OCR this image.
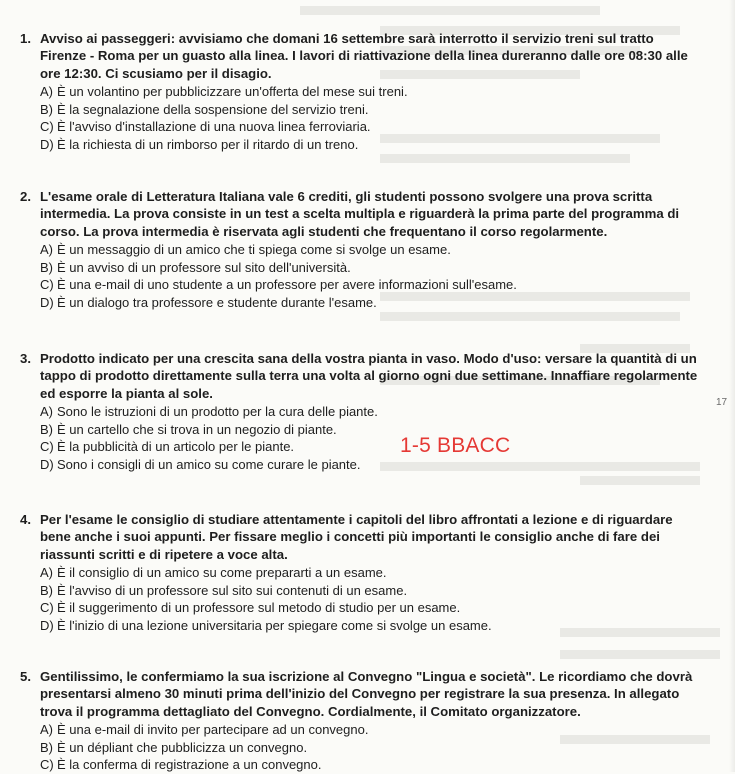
1. Avviso ai passeggeri: avvisiamo che domani 16 settembre sarà interrotto il servizio treni sul tratto Firenze - Roma per un guasto alla linea. I lavori di riattivazione della linea dureranno dalle ore 08:30 alle ore 12:30. Ci scusiamo per il disagio.
A) È un volantino per pubblicizzare un'offerta del mese sui treni.
B) È la segnalazione della sospensione del servizio treni.
C) È l'avviso d'installazione di una nuova linea ferroviaria.
D) È la richiesta di un rimborso per il ritardo di un treno.
2. L'esame orale di Letteratura Italiana vale 6 crediti, gli studenti possono svolgere una prova scritta intermedia. La prova consiste in un test a scelta multipla e riguarderà la prima parte del programma di corso. La prova intermedia è riservata agli studenti che frequentano il corso regolarmente.
A) È un messaggio di un amico che ti spiega come si svolge un esame.
B) È un avviso di un professore sul sito dell'università.
C) È una e-mail di uno studente a un professore per avere informazioni sull'esame.
D) È un dialogo tra professore e studente durante l'esame.
3. Prodotto indicato per una crescita sana della vostra pianta in vaso. Modo d'uso: versare la quantità di un tappo di prodotto direttamente sulla terra una volta al giorno ogni due settimane. Innaffiare regolarmente ed esporre la pianta al sole.
A) Sono le istruzioni di un prodotto per la cura delle piante.
B) È un cartello che si trova in un negozio di piante.
C) È la pubblicità di un articolo per le piante.
D) Sono i consigli di un amico su come curare le piante.
4. Per l'esame le consiglio di studiare attentamente i capitoli del libro affrontati a lezione e di riguardare bene anche i suoi appunti. Per fissare meglio i concetti più importanti le consiglio anche di fare dei riassunti scritti e di ripetere a voce alta.
A) È il consiglio di un amico su come prepararti a un esame.
B) È l'avviso di un professore sul sito sui contenuti di un esame.
C) È il suggerimento di un professore sul metodo di studio per un esame.
D) È l'inizio di una lezione universitaria per spiegare come si svolge un esame.
5. Gentilissimo, le confermiamo la sua iscrizione al Convegno "Lingua e società". Le ricordiamo che dovrà presentarsi almeno 30 minuti prima dell'inizio del Convegno per registrare la sua presenza. In allegato trova il programma dettagliato del Convegno. Cordialmente, il Comitato organizzatore.
A) È una e-mail di invito per partecipare ad un convegno.
B) È un dépliant che pubblicizza un convegno.
C) È la conferma di registrazione a un convegno.
1-5 BBACC
17
